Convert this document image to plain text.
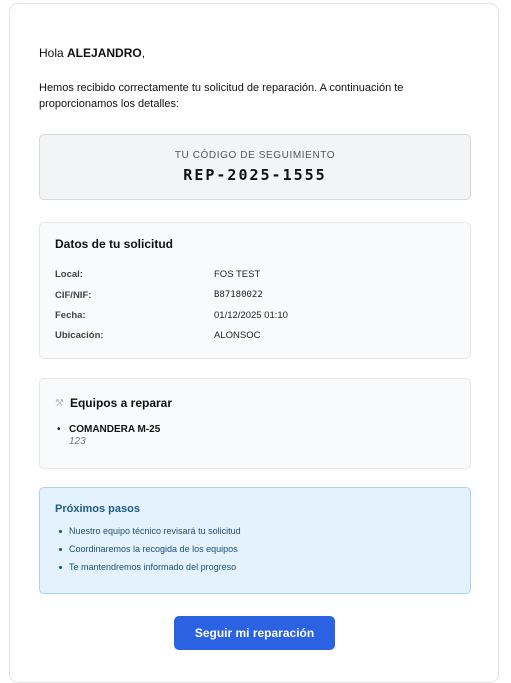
Hola ALEJANDRO,
Hemos recibido correctamente tu solicitud de reparación. A continuación te proporcionamos los detalles:
TU CÓDIGO DE SEGUIMIENTO
REP-2025-1555
Datos de tu solicitud
Local:	FOS TEST
CIF/NIF:	B87180022
Fecha:	01/12/2025 01:10
Ubicación:	ALONSOC
⚒ Equipos a reparar
• COMANDERA M-25
123
Próximos pasos
Nuestro equipo técnico revisará tu solicitud
Coordinaremos la recogida de los equipos
Te mantendremos informado del progreso
Seguir mi reparación
